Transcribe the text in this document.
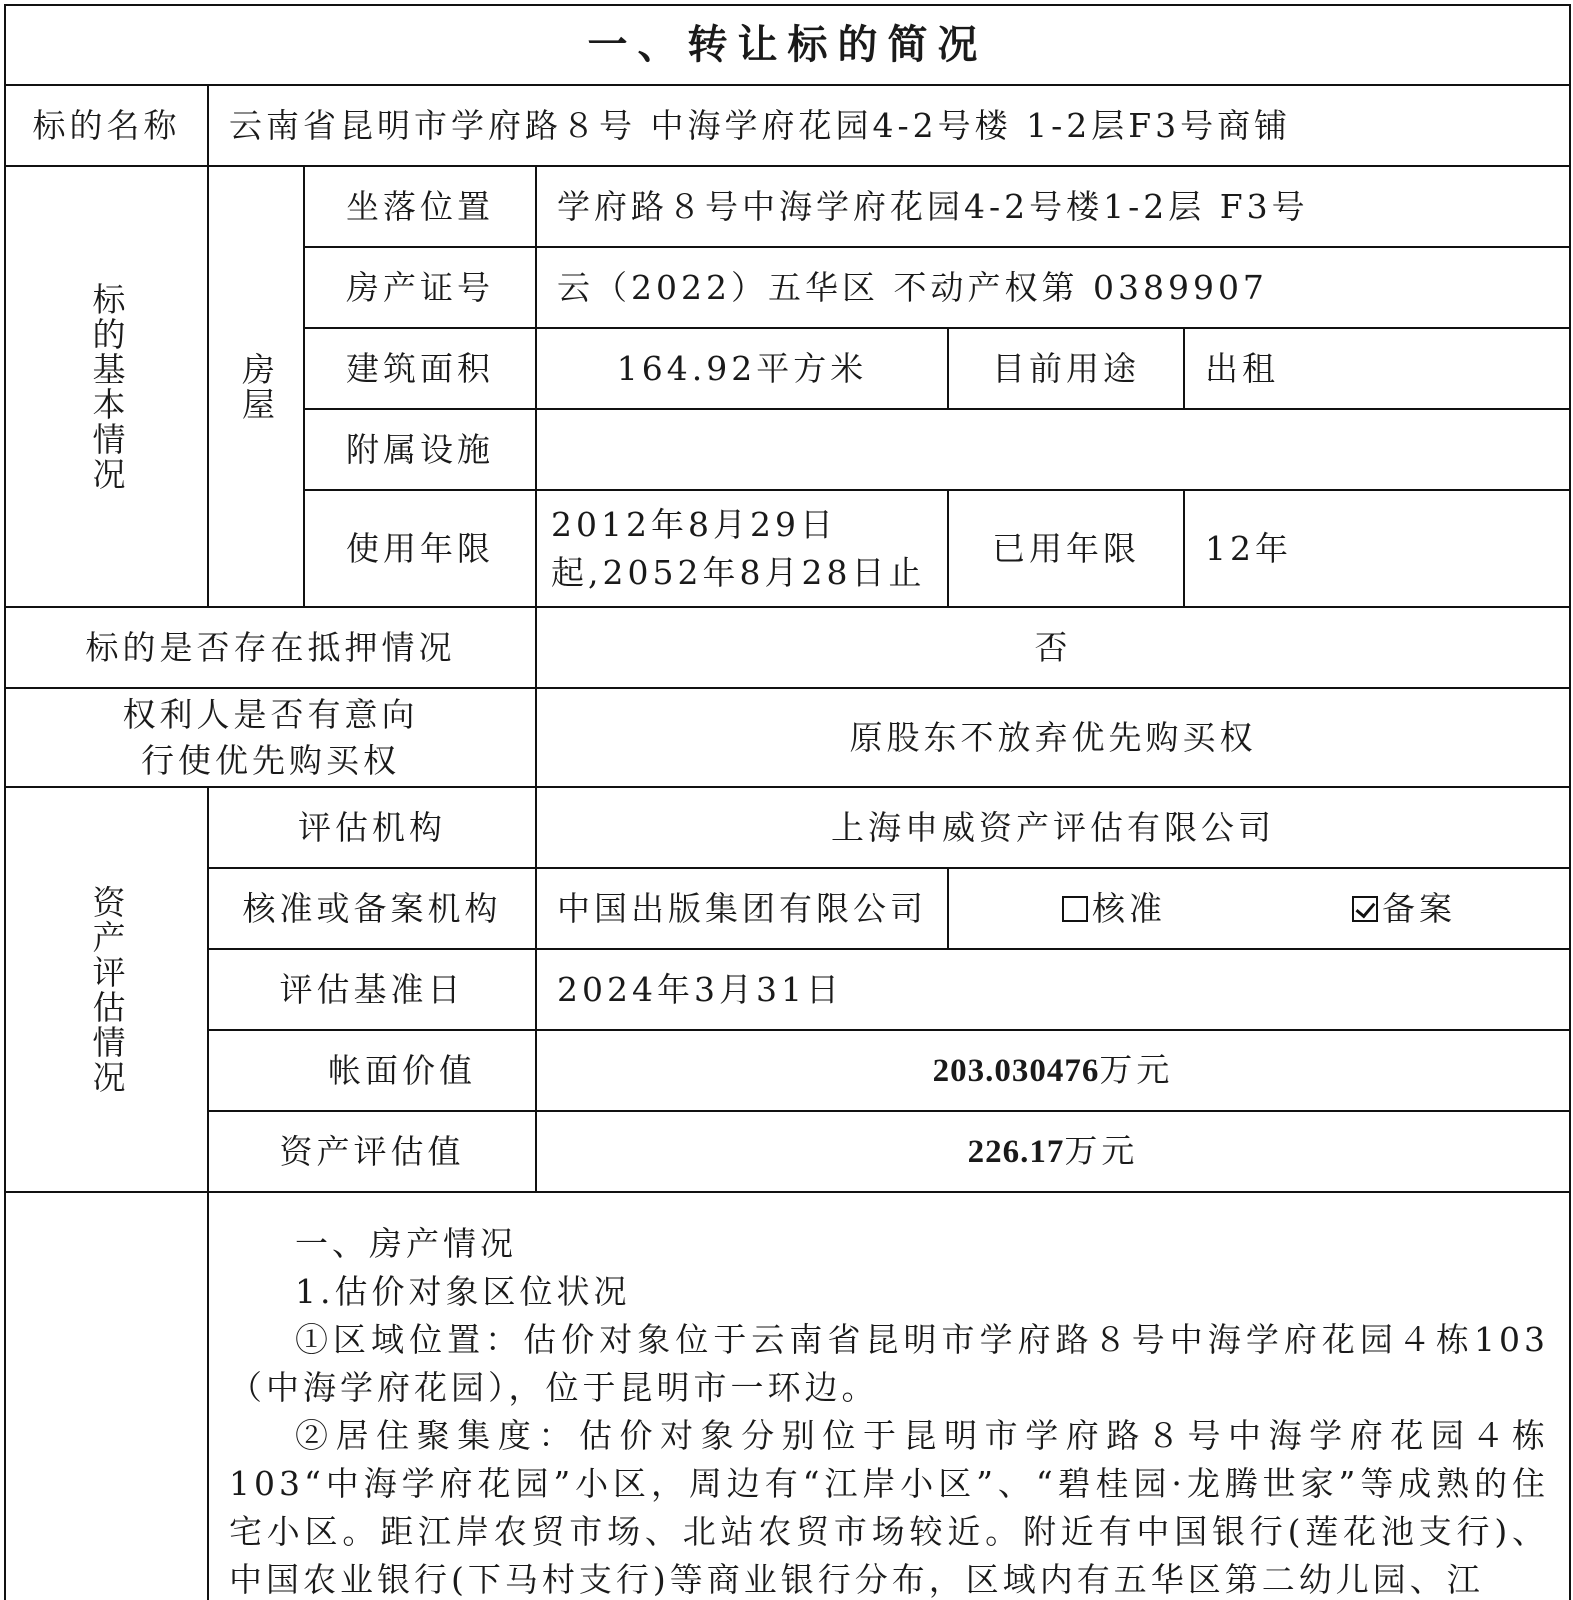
一、转让标的简况					
标的名称	云南省昆明市学府路８号 中海学府花园4-2号楼 1-2层F3号商铺				

标的基本情况	房屋	坐落位置	学府路８号中海学府花园4-2号楼1-2层 F3号		
		房产证号	云（2022）五华区 不动产权第 0389907		
		建筑面积	164.92平方米	目前用途	出租
		附属设施			
		使用年限	2012年8月29日起,2052年8月28日止	已用年限	12年
标的是否存在抵押情况			否		
权利人是否有意向行使优先购买权			原股东不放弃优先购买权		

资产评估情况	评估机构		上海申威资产评估有限公司		
	核准或备案机构		中国出版集团有限公司	核准 备案	

	评估基准日		2024年3月31日		
	帐面价值		203.030476万元		
	资产评估值		226.17万元		

	一、房产情况

1.估价对象区位状况

①区域位置：估价对象位于云南省昆明市学府路８号中海学府花园４栋103（中海学府花园），位于昆明市一环边。

②居住聚集度：估价对象分别位于昆明市学府路８号中海学府花园４栋103“中海学府花园”小区，周边有“江岸小区”、“碧桂园·龙腾世家”等成熟的住宅小区。距江岸农贸市场、北站农贸市场较近。附近有中国银行(莲花池支行)、中国农业银行(下马村支行)等商业银行分布，区域内有五华区第二幼儿园、江				
